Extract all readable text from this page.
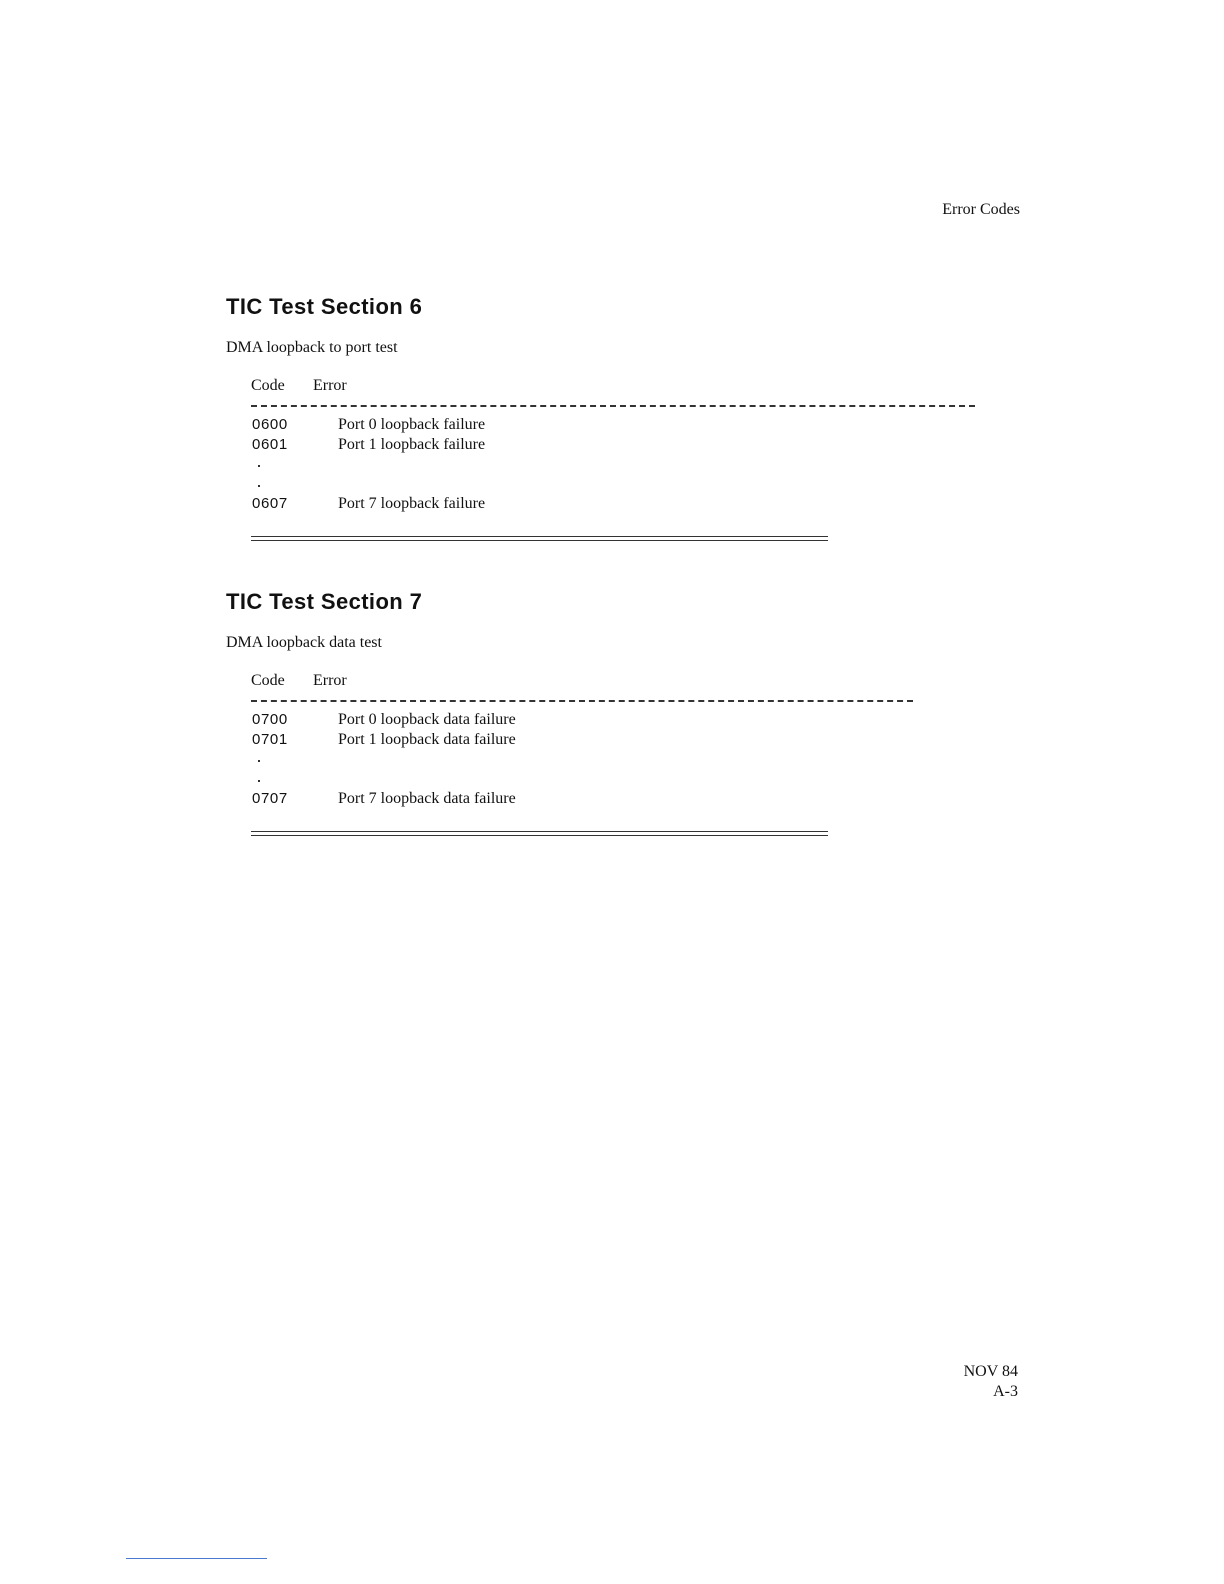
Error Codes
TIC Test Section 6

DMA loopback to port test

Code Error
0600	Port 0 loopback failure
0601	Port 1 loopback failure
0607	Port 7 loopback failure
TIC Test Section 7

DMA loopback data test

Code Error
0700	Port 0 loopback data failure
0701	Port 1 loopback data failure
0707	Port 7 loopback data failure
NOV 84
A-3
